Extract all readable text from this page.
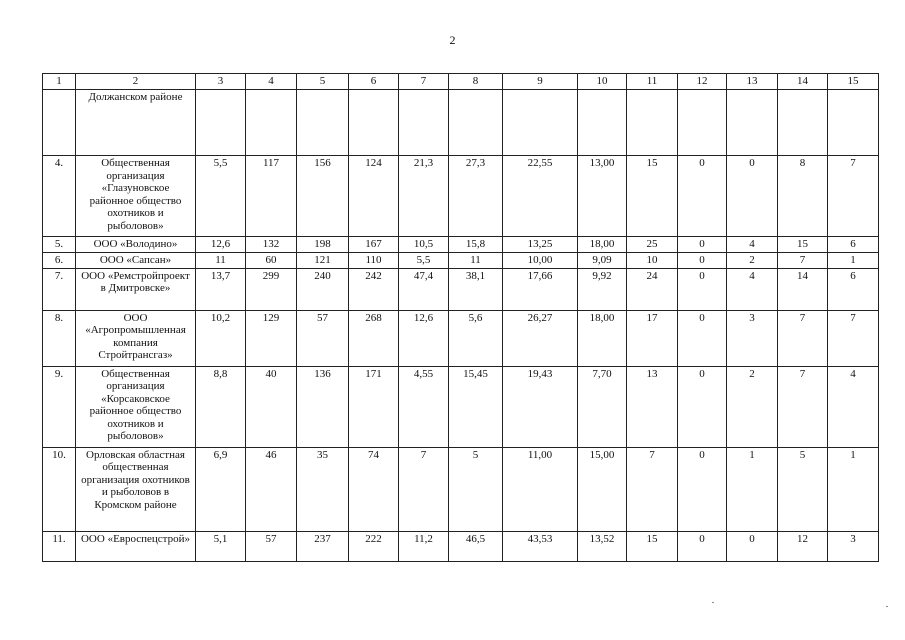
2
1	2	3	4	5	6	7	8	9	10	11	12	13	14	15
	Должанском районе													
4.	Общественная организация «Глазуновское районное общество охотников и рыболовов»	5,5	117	156	124	21,3	27,3	22,55	13,00	15	0	0	8	7
5.	ООО «Володино»	12,6	132	198	167	10,5	15,8	13,25	18,00	25	0	4	15	6
6.	ООО «Сапсан»	11	60	121	110	5,5	11	10,00	9,09	10	0	2	7	1
7.	ООО «Ремстройпроект в Дмитровске»	13,7	299	240	242	47,4	38,1	17,66	9,92	24	0	4	14	6
8.	ООО «Агропромышленная компания Стройтрансгаз»	10,2	129	57	268	12,6	5,6	26,27	18,00	17	0	3	7	7
9.	Общественная организация «Корсаковское районное общество охотников и рыболовов»	8,8	40	136	171	4,55	15,45	19,43	7,70	13	0	2	7	4
10.	Орловская областная общественная организация охотников и рыболовов в Кромском районе	6,9	46	35	74	7	5	11,00	15,00	7	0	1	5	1
11.	ООО «Евроспецстрой»	5,1	57	237	222	11,2	46,5	43,53	13,52	15	0	0	12	3
